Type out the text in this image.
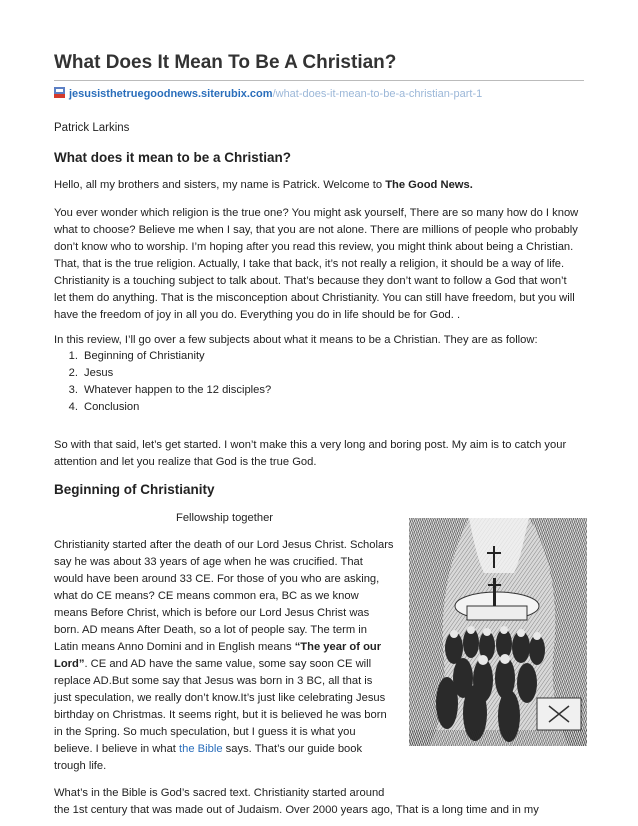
What Does It Mean To Be A Christian?
jesusisthetruegoodnews.siterubix.com/what-does-it-mean-to-be-a-christian-part-1
Patrick Larkins
What does it mean to be a Christian?

Hello, all my brothers and sisters, my name is Patrick. Welcome to The Good News.

You ever wonder which religion is the true one? You might ask yourself, There are so many how do I know

what to choose? Believe me when I say, that you are not alone. There are millions of people who probably

don’t know who to worship. I’m hoping after you read this review, you might think about being a Christian.

That, that is the true religion. Actually, I take that back, it’s not really a religion, it should be a way of life.

Christianity is a touching subject to talk about. That’s because they don’t want to follow a God that won’t

let them do anything. That is the misconception about Christianity. You can still have freedom, but you will

have the freedom of joy in all you do. Everything you do in life should be for God. .

In this review, I’ll go over a few subjects about what it means to be a Christian. They are as follow:

1. Beginning of Christianity
2. Jesus
3. Whatever happen to the 12 disciples?
4. Conclusion

So with that said, let’s get started. I won’t make this a very long and boring post. My aim is to catch your

attention and let you realize that God is the true God.

Beginning of Christianity
Fellowship together

Christianity started after the death of our Lord Jesus Christ. Scholars

say he was about 33 years of age when he was crucified. That

would have been around 33 CE. For those of you who are asking,

what do CE means? CE means common era, BC as we know

means Before Christ, which is before our Lord Jesus Christ was

born. AD means After Death, so a lot of people say. The term in

Latin means Anno Domini and in English means “The year of our

Lord”. CE and AD have the same value, some say soon CE will

replace AD.But some say that Jesus was born in 3 BC, all that is

just speculation, we really don’t know.It’s just like celebrating Jesus

birthday on Christmas. It seems right, but it is believed he was born

in the Spring. So much speculation, but I guess it is what you

believe. I believe in what the Bible says. That’s our guide book

trough life.

What’s in the Bible is God’s sacred text. Christianity started around

the 1st century that was made out of Judaism. Over 2000 years ago, That is a long time and in my
